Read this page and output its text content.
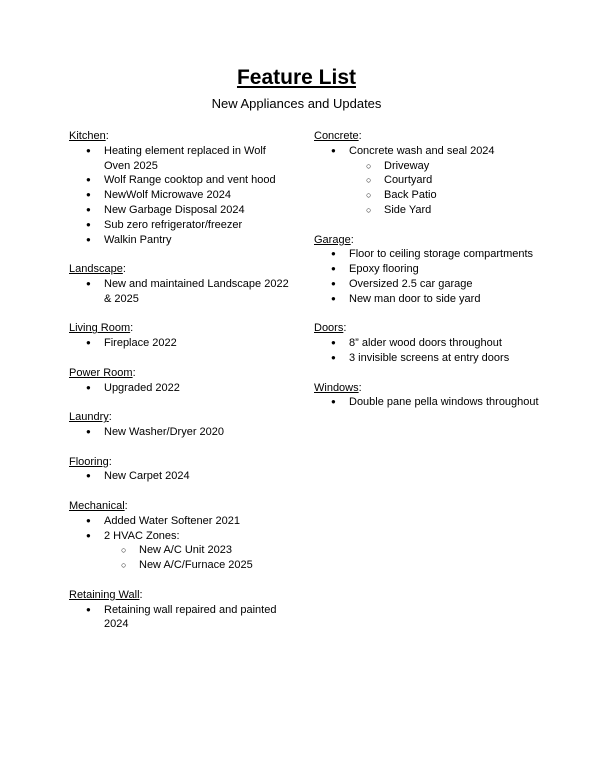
Feature List
New Appliances and Updates
Kitchen:
● Heating element replaced in Wolf Oven 2025
● Wolf Range cooktop and vent hood
● NewWolf Microwave 2024
● New Garbage Disposal 2024
● Sub zero refrigerator/freezer
● Walkin Pantry
Landscape:
● New and maintained Landscape 2022 & 2025
Living Room:
● Fireplace 2022
Power Room:
● Upgraded 2022
Laundry:
● New Washer/Dryer 2020
Flooring:
● New Carpet 2024
Mechanical:
● Added Water Softener 2021
● 2 HVAC Zones:
○ New A/C Unit 2023
○ New A/C/Furnace 2025
Retaining Wall:
● Retaining wall repaired and painted 2024
Concrete:
● Concrete wash and seal 2024
○ Driveway
○ Courtyard
○ Back Patio
○ Side Yard
Garage:
● Floor to ceiling storage compartments
● Epoxy flooring
● Oversized 2.5 car garage
● New man door to side yard
Doors:
● 8” alder wood doors throughout
● 3 invisible screens at entry doors
Windows:
● Double pane pella windows throughout
